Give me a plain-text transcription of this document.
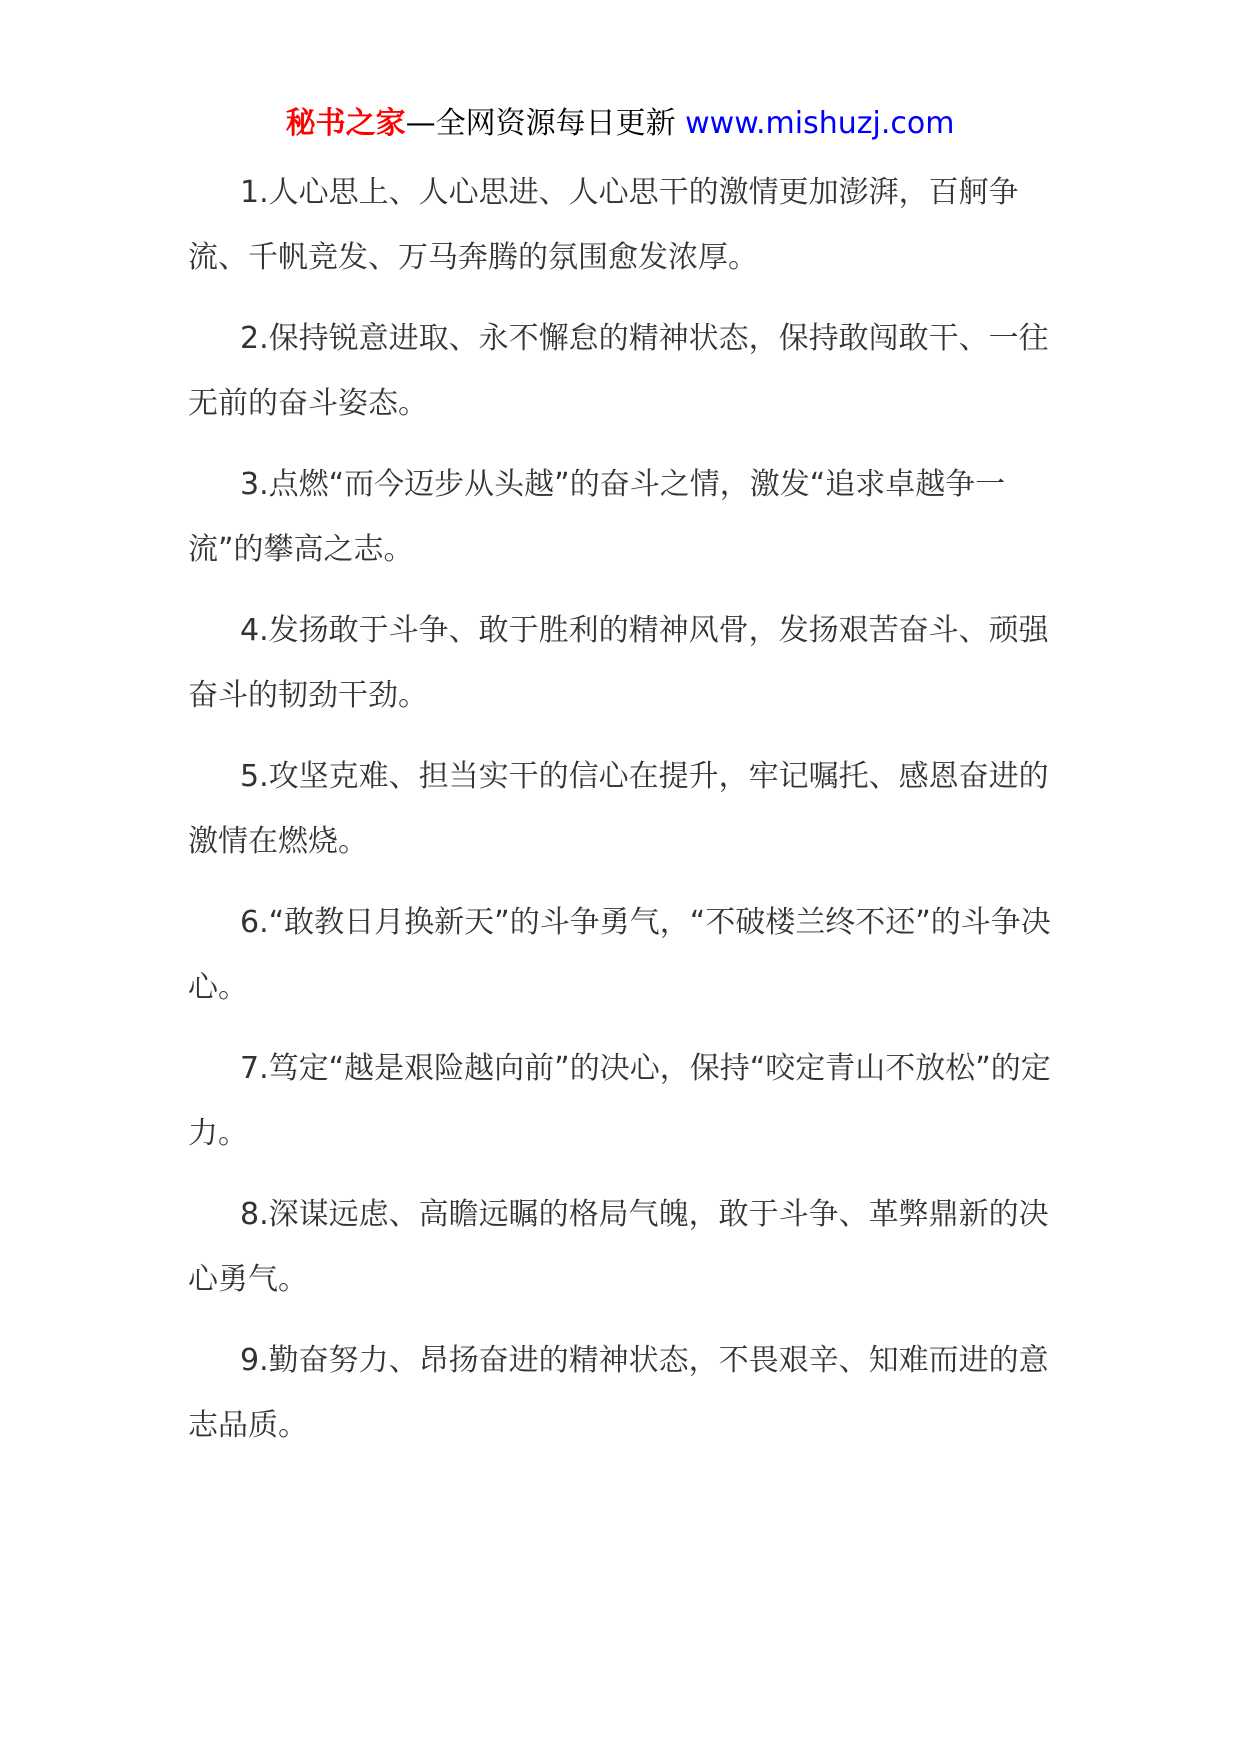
秘书之家—全网资源每日更新 www.mishuzj.com

1.人心思上、人心思进、人心思干的激情更加澎湃，百舸争流、千帆竞发、万马奔腾的氛围愈发浓厚。

2.保持锐意进取、永不懈怠的精神状态，保持敢闯敢干、一往无前的奋斗姿态。

3.点燃“而今迈步从头越”的奋斗之情，激发“追求卓越争一流”的攀高之志。

4.发扬敢于斗争、敢于胜利的精神风骨，发扬艰苦奋斗、顽强奋斗的韧劲干劲。

5.攻坚克难、担当实干的信心在提升，牢记嘱托、感恩奋进的激情在燃烧。

6.“敢教日月换新天”的斗争勇气，“不破楼兰终不还”的斗争决心。

7.笃定“越是艰险越向前”的决心，保持“咬定青山不放松”的定力。

8.深谋远虑、高瞻远瞩的格局气魄，敢于斗争、革弊鼎新的决心勇气。

9.勤奋努力、昂扬奋进的精神状态，不畏艰辛、知难而进的意志品质。
